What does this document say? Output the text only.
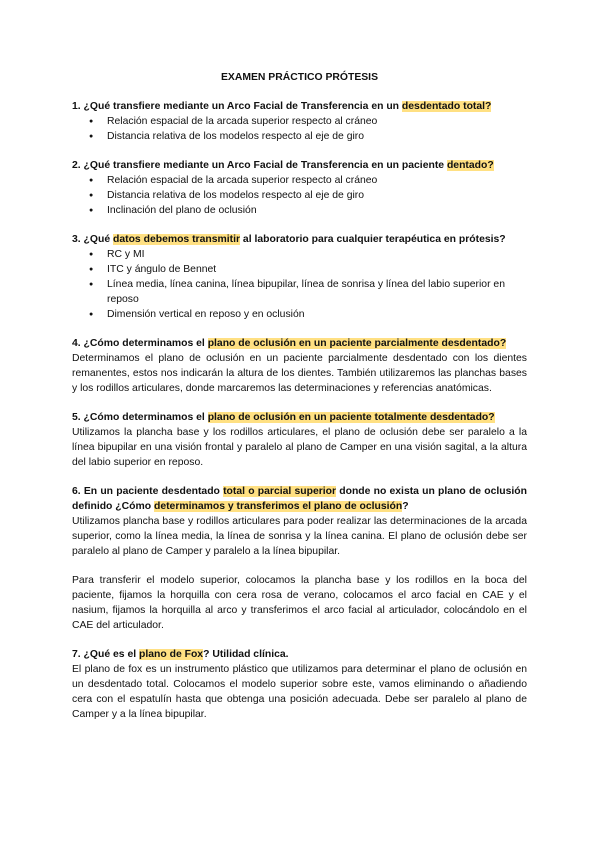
EXAMEN PRÁCTICO PRÓTESIS

1. ¿Qué transfiere mediante un Arco Facial de Transferencia en un desdentado total?

● Relación espacial de la arcada superior respecto al cráneo
● Distancia relativa de los modelos respecto al eje de giro

2. ¿Qué transfiere mediante un Arco Facial de Transferencia en un paciente dentado?

● Relación espacial de la arcada superior respecto al cráneo
● Distancia relativa de los modelos respecto al eje de giro
● Inclinación del plano de oclusión

3. ¿Qué datos debemos transmitir al laboratorio para cualquier terapéutica en prótesis?

● RC y MI
● ITC y ángulo de Bennet
● Línea media, línea canina, línea bipupilar, línea de sonrisa y línea del labio superior en reposo
● Dimensión vertical en reposo y en oclusión

4. ¿Cómo determinamos el plano de oclusión en un paciente parcialmente desdentado?

Determinamos el plano de oclusión en un paciente parcialmente desdentado con los dientes remanentes, estos nos indicarán la altura de los dientes. También utilizaremos las planchas bases y los rodillos articulares, donde marcaremos las determinaciones y referencias anatómicas.

5. ¿Cómo determinamos el plano de oclusión en un paciente totalmente desdentado?

Utilizamos la plancha base y los rodillos articulares, el plano de oclusión debe ser paralelo a la línea bipupilar en una visión frontal y paralelo al plano de Camper en una visión sagital, a la altura del labio superior en reposo.

6. En un paciente desdentado total o parcial superior donde no exista un plano de oclusión definido ¿Cómo determinamos y transferimos el plano de oclusión?

Utilizamos plancha base y rodillos articulares para poder realizar las determinaciones de la arcada superior, como la línea media, la línea de sonrisa y la línea canina. El plano de oclusión debe ser paralelo al plano de Camper y paralelo a la línea bipupilar.

Para transferir el modelo superior, colocamos la plancha base y los rodillos en la boca del paciente, fijamos la horquilla con cera rosa de verano, colocamos el arco facial en CAE y el nasium, fijamos la horquilla al arco y transferimos el arco facial al articulador, colocándolo en el CAE del articulador.

7. ¿Qué es el plano de Fox? Utilidad clínica.

El plano de fox es un instrumento plástico que utilizamos para determinar el plano de oclusión en un desdentado total. Colocamos el modelo superior sobre este, vamos eliminando o añadiendo cera con el espatulín hasta que obtenga una posición adecuada. Debe ser paralelo al plano de Camper y a la línea bipupilar.
